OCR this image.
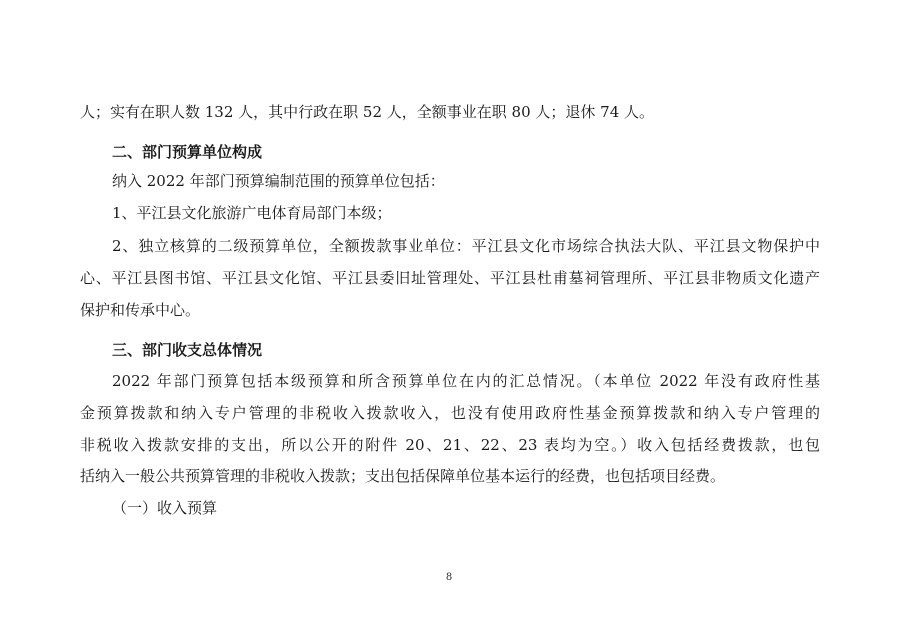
人；实有在职人数 132 人，其中行政在职 52 人，全额事业在职 80 人；退休 74 人。
二、部门预算单位构成
纳入 2022 年部门预算编制范围的预算单位包括：
1、平江县文化旅游广电体育局部门本级；
2、独立核算的二级预算单位，全额拨款事业单位：平江县文化市场综合执法大队、平江县文物保护中
心、平江县图书馆、平江县文化馆、平江县委旧址管理处、平江县杜甫墓祠管理所、平江县非物质文化遗产
保护和传承中心。
三、部门收支总体情况
2022 年部门预算包括本级预算和所含预算单位在内的汇总情况。（本单位 2022 年没有政府性基
金预算拨款和纳入专户管理的非税收入拨款收入，也没有使用政府性基金预算拨款和纳入专户管理的
非税收入拨款安排的支出，所以公开的附件 20、21、22、23 表均为空。）收入包括经费拨款，也包
括纳入一般公共预算管理的非税收入拨款；支出包括保障单位基本运行的经费，也包括项目经费。
（一）收入预算
8
